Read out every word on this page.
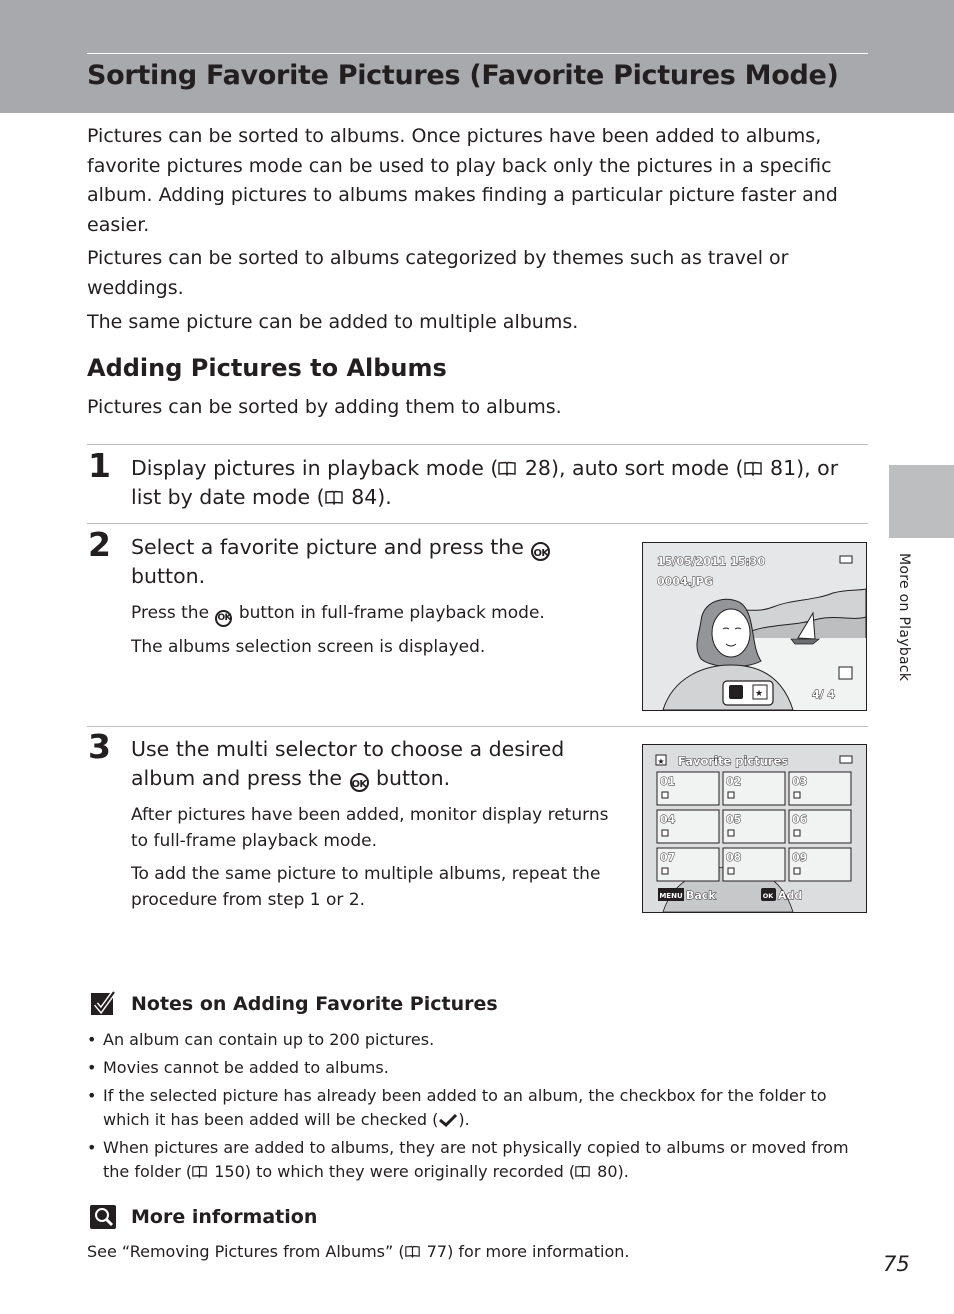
Sorting Favorite Pictures (Favorite Pictures Mode)
More on Playback
Pictures can be sorted to albums. Once pictures have been added to albums, favorite pictures mode can be used to play back only the pictures in a specific album. Adding pictures to albums makes finding a particular picture faster and easier.
Pictures can be sorted to albums categorized by themes such as travel or weddings.
The same picture can be added to multiple albums.
Adding Pictures to Albums
Pictures can be sorted by adding them to albums.
1 Display pictures in playback mode ( 28), auto sort mode ( 81), or list by date mode ( 84).
2 Select a favorite picture and press the OK button.
Press the OK button in full-frame playback mode.
The albums selection screen is displayed.
15/05/2011 15:30
0004.JPG
★	4/ 4
3 Use the multi selector to choose a desired album and press the OK button.
After pictures have been added, monitor display returns to full-frame playback mode.
To add the same picture to multiple albums, repeat the procedure from step 1 or 2.
★ Favorite pictures
01	02	03
04	05	06
07	08	09
MENU Back	OK Add
Notes on Adding Favorite Pictures
• An album can contain up to 200 pictures.
• Movies cannot be added to albums.
• If the selected picture has already been added to an album, the checkbox for the folder to which it has been added will be checked ( ).
• When pictures are added to albums, they are not physically copied to albums or moved from the folder ( 150) to which they were originally recorded ( 80).
More information
See “Removing Pictures from Albums” ( 77) for more information.
75
